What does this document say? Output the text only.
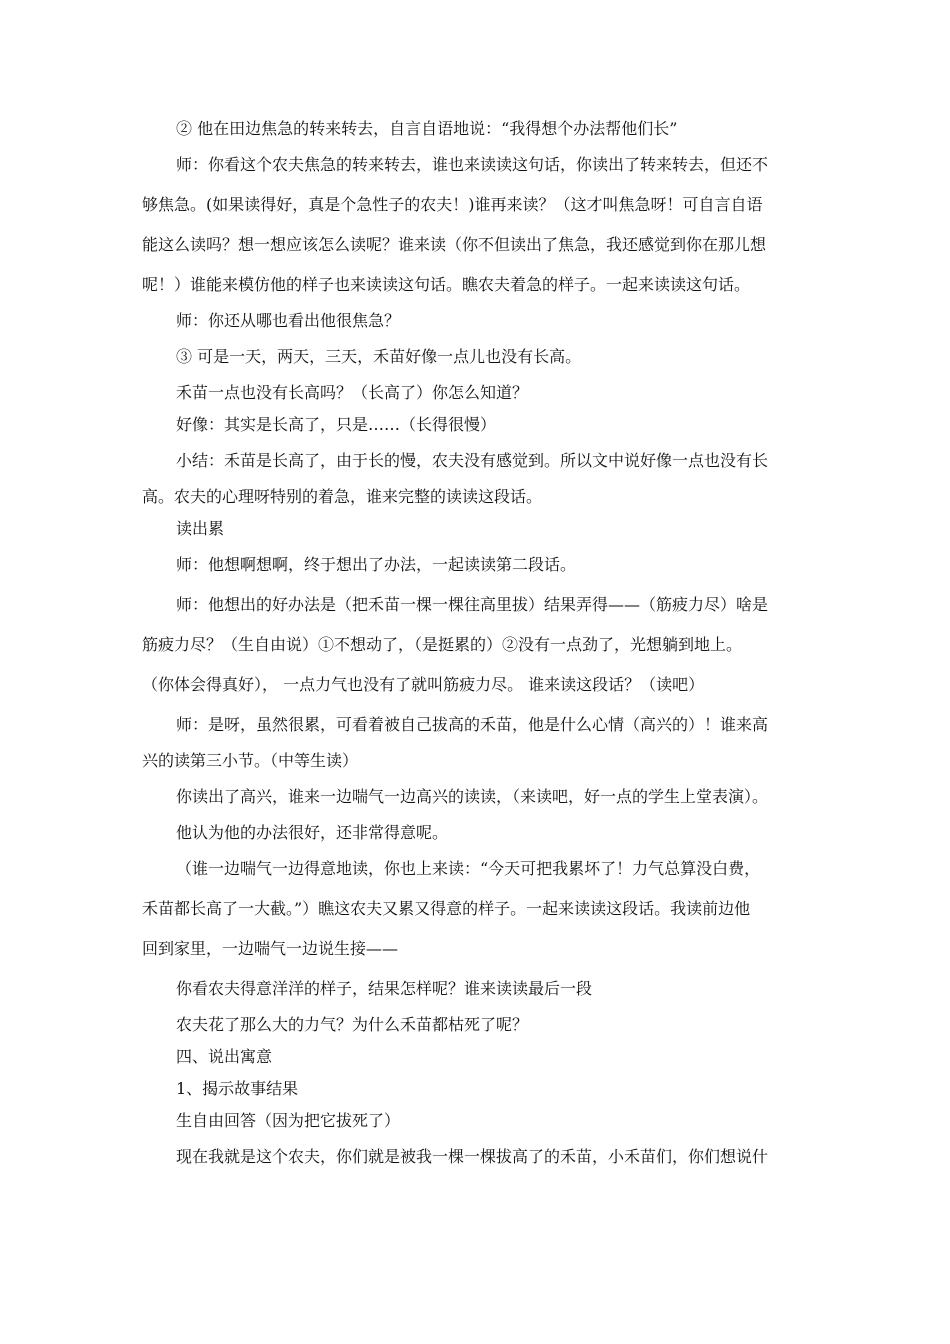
② 他在田边焦急的转来转去，自言自语地说：“我得想个办法帮他们长”

师：你看这个农夫焦急的转来转去，谁也来读读这句话，你读出了转来转去，但还不

够焦急。(如果读得好，真是个急性子的农夫！)谁再来读？（这才叫焦急呀！可自言自语

能这么读吗？想一想应该怎么读呢？谁来读（你不但读出了焦急，我还感觉到你在那儿想

呢！）谁能来模仿他的样子也来读读这句话。瞧农夫着急的样子。一起来读读这句话。

师：你还从哪也看出他很焦急？

③ 可是一天，两天，三天，禾苗好像一点儿也没有长高。

禾苗一点也没有长高吗？（长高了）你怎么知道？

好像：其实是长高了，只是……（长得很慢）

小结：禾苗是长高了，由于长的慢，农夫没有感觉到。所以文中说好像一点也没有长

高。农夫的心理呀特别的着急，谁来完整的读读这段话。

读出累

师：他想啊想啊，终于想出了办法，一起读读第二段话。

师：他想出的好办法是（把禾苗一棵一棵往高里拔）结果弄得——（筋疲力尽）啥是

筋疲力尽？（生自由说）①不想动了，（是挺累的）②没有一点劲了，光想躺到地上。

（你体会得真好）， 一点力气也没有了就叫筋疲力尽。 谁来读这段话？（读吧）

师：是呀，虽然很累，可看着被自己拔高的禾苗，他是什么心情（高兴的）！谁来高

兴的读第三小节。（中等生读）

你读出了高兴，谁来一边喘气一边高兴的读读，（来读吧，好一点的学生上堂表演）。

他认为他的办法很好，还非常得意呢。

（谁一边喘气一边得意地读，你也上来读：“今天可把我累坏了！力气总算没白费，

禾苗都长高了一大截。”）瞧这农夫又累又得意的样子。一起来读读这段话。我读前边他

回到家里，一边喘气一边说生接——

你看农夫得意洋洋的样子，结果怎样呢？谁来读读最后一段

农夫花了那么大的力气？为什么禾苗都枯死了呢？

四、说出寓意

1、揭示故事结果

生自由回答（因为把它拔死了）

现在我就是这个农夫，你们就是被我一棵一棵拔高了的禾苗，小禾苗们，你们想说什
